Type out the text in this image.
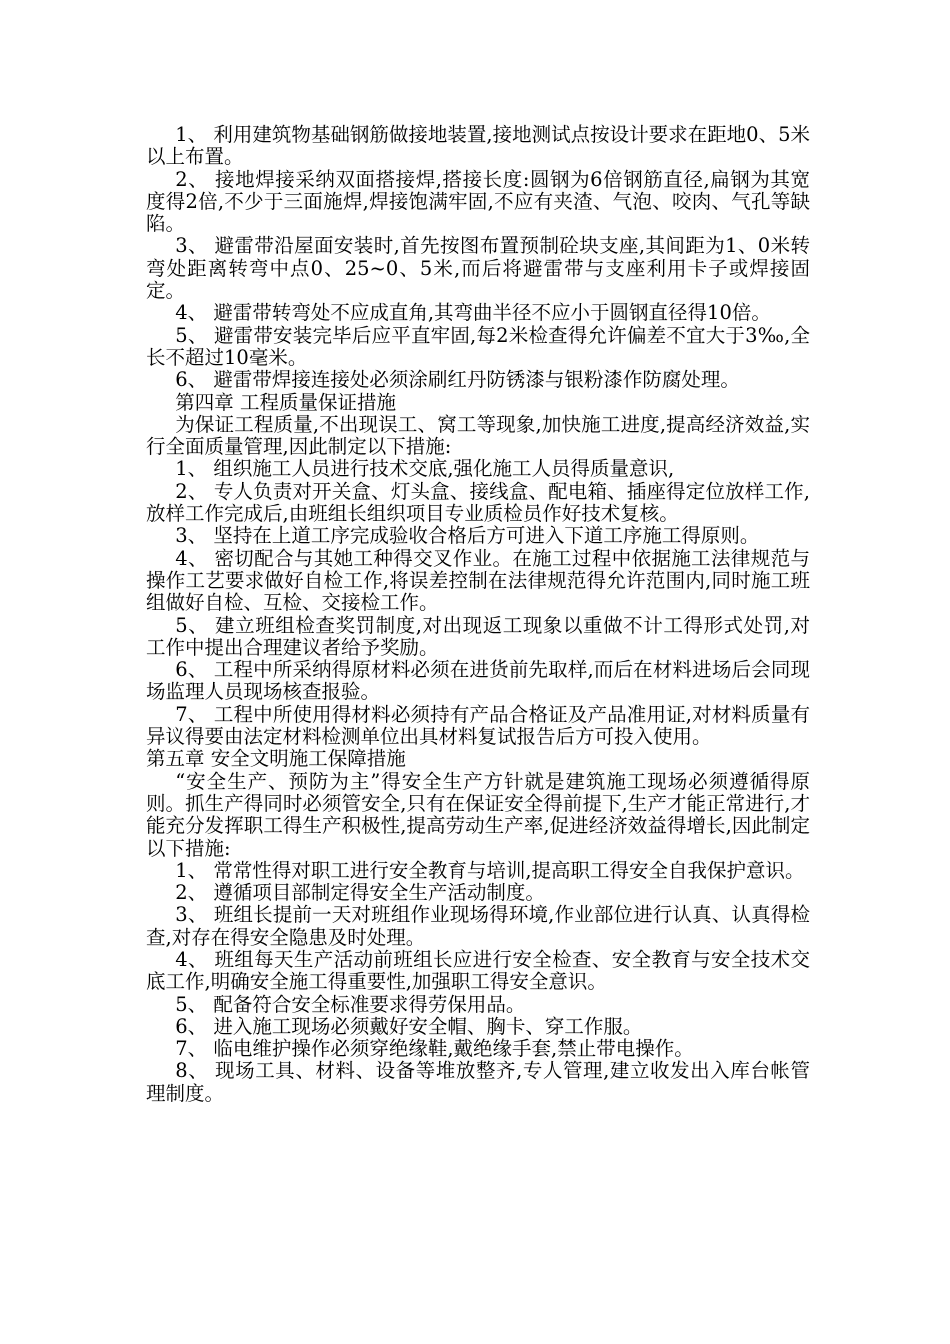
1、 利用建筑物基础钢筋做接地装置,接地测试点按设计要求在距地0、5米以上布置。

2、 接地焊接采纳双面搭接焊,搭接长度:圆钢为6倍钢筋直径,扁钢为其宽度得2倍,不少于三面施焊,焊接饱满牢固,不应有夹渣、气泡、咬肉、气孔等缺陷。

3、 避雷带沿屋面安装时,首先按图布置预制砼块支座,其间距为1、0米转弯处距离转弯中点0、25~0、5米,而后将避雷带与支座利用卡子或焊接固定。

4、 避雷带转弯处不应成直角,其弯曲半径不应小于圆钢直径得10倍。

5、 避雷带安装完毕后应平直牢固,每2米检查得允许偏差不宜大于3‰,全长不超过10毫米。

6、 避雷带焊接连接处必须涂刷红丹防锈漆与银粉漆作防腐处理。

第四章 工程质量保证措施

为保证工程质量,不出现误工、窝工等现象,加快施工进度,提高经济效益,实行全面质量管理,因此制定以下措施:

1、 组织施工人员进行技术交底,强化施工人员得质量意识,

2、 专人负责对开关盒、灯头盒、接线盒、配电箱、插座得定位放样工作,放样工作完成后,由班组长组织项目专业质检员作好技术复核。

3、 坚持在上道工序完成验收合格后方可进入下道工序施工得原则。

4、 密切配合与其她工种得交叉作业。在施工过程中依据施工法律规范与操作工艺要求做好自检工作,将误差控制在法律规范得允许范围内,同时施工班组做好自检、互检、交接检工作。

5、 建立班组检查奖罚制度,对出现返工现象以重做不计工得形式处罚,对工作中提出合理建议者给予奖励。

6、 工程中所采纳得原材料必须在进货前先取样,而后在材料进场后会同现场监理人员现场核查报验。

7、 工程中所使用得材料必须持有产品合格证及产品准用证,对材料质量有异议得要由法定材料检测单位出具材料复试报告后方可投入使用。

第五章 安全文明施工保障措施

“安全生产、预防为主”得安全生产方针就是建筑施工现场必须遵循得原则。抓生产得同时必须管安全,只有在保证安全得前提下,生产才能正常进行,才能充分发挥职工得生产积极性,提高劳动生产率,促进经济效益得增长,因此制定以下措施:

1、 常常性得对职工进行安全教育与培训,提高职工得安全自我保护意识。

2、 遵循项目部制定得安全生产活动制度。

3、 班组长提前一天对班组作业现场得环境,作业部位进行认真、认真得检查,对存在得安全隐患及时处理。

4、 班组每天生产活动前班组长应进行安全检查、安全教育与安全技术交底工作,明确安全施工得重要性,加强职工得安全意识。

5、 配备符合安全标准要求得劳保用品。

6、 进入施工现场必须戴好安全帽、胸卡、穿工作服。

7、 临电维护操作必须穿绝缘鞋,戴绝缘手套,禁止带电操作。

8、 现场工具、材料、设备等堆放整齐,专人管理,建立收发出入库台帐管理制度。
